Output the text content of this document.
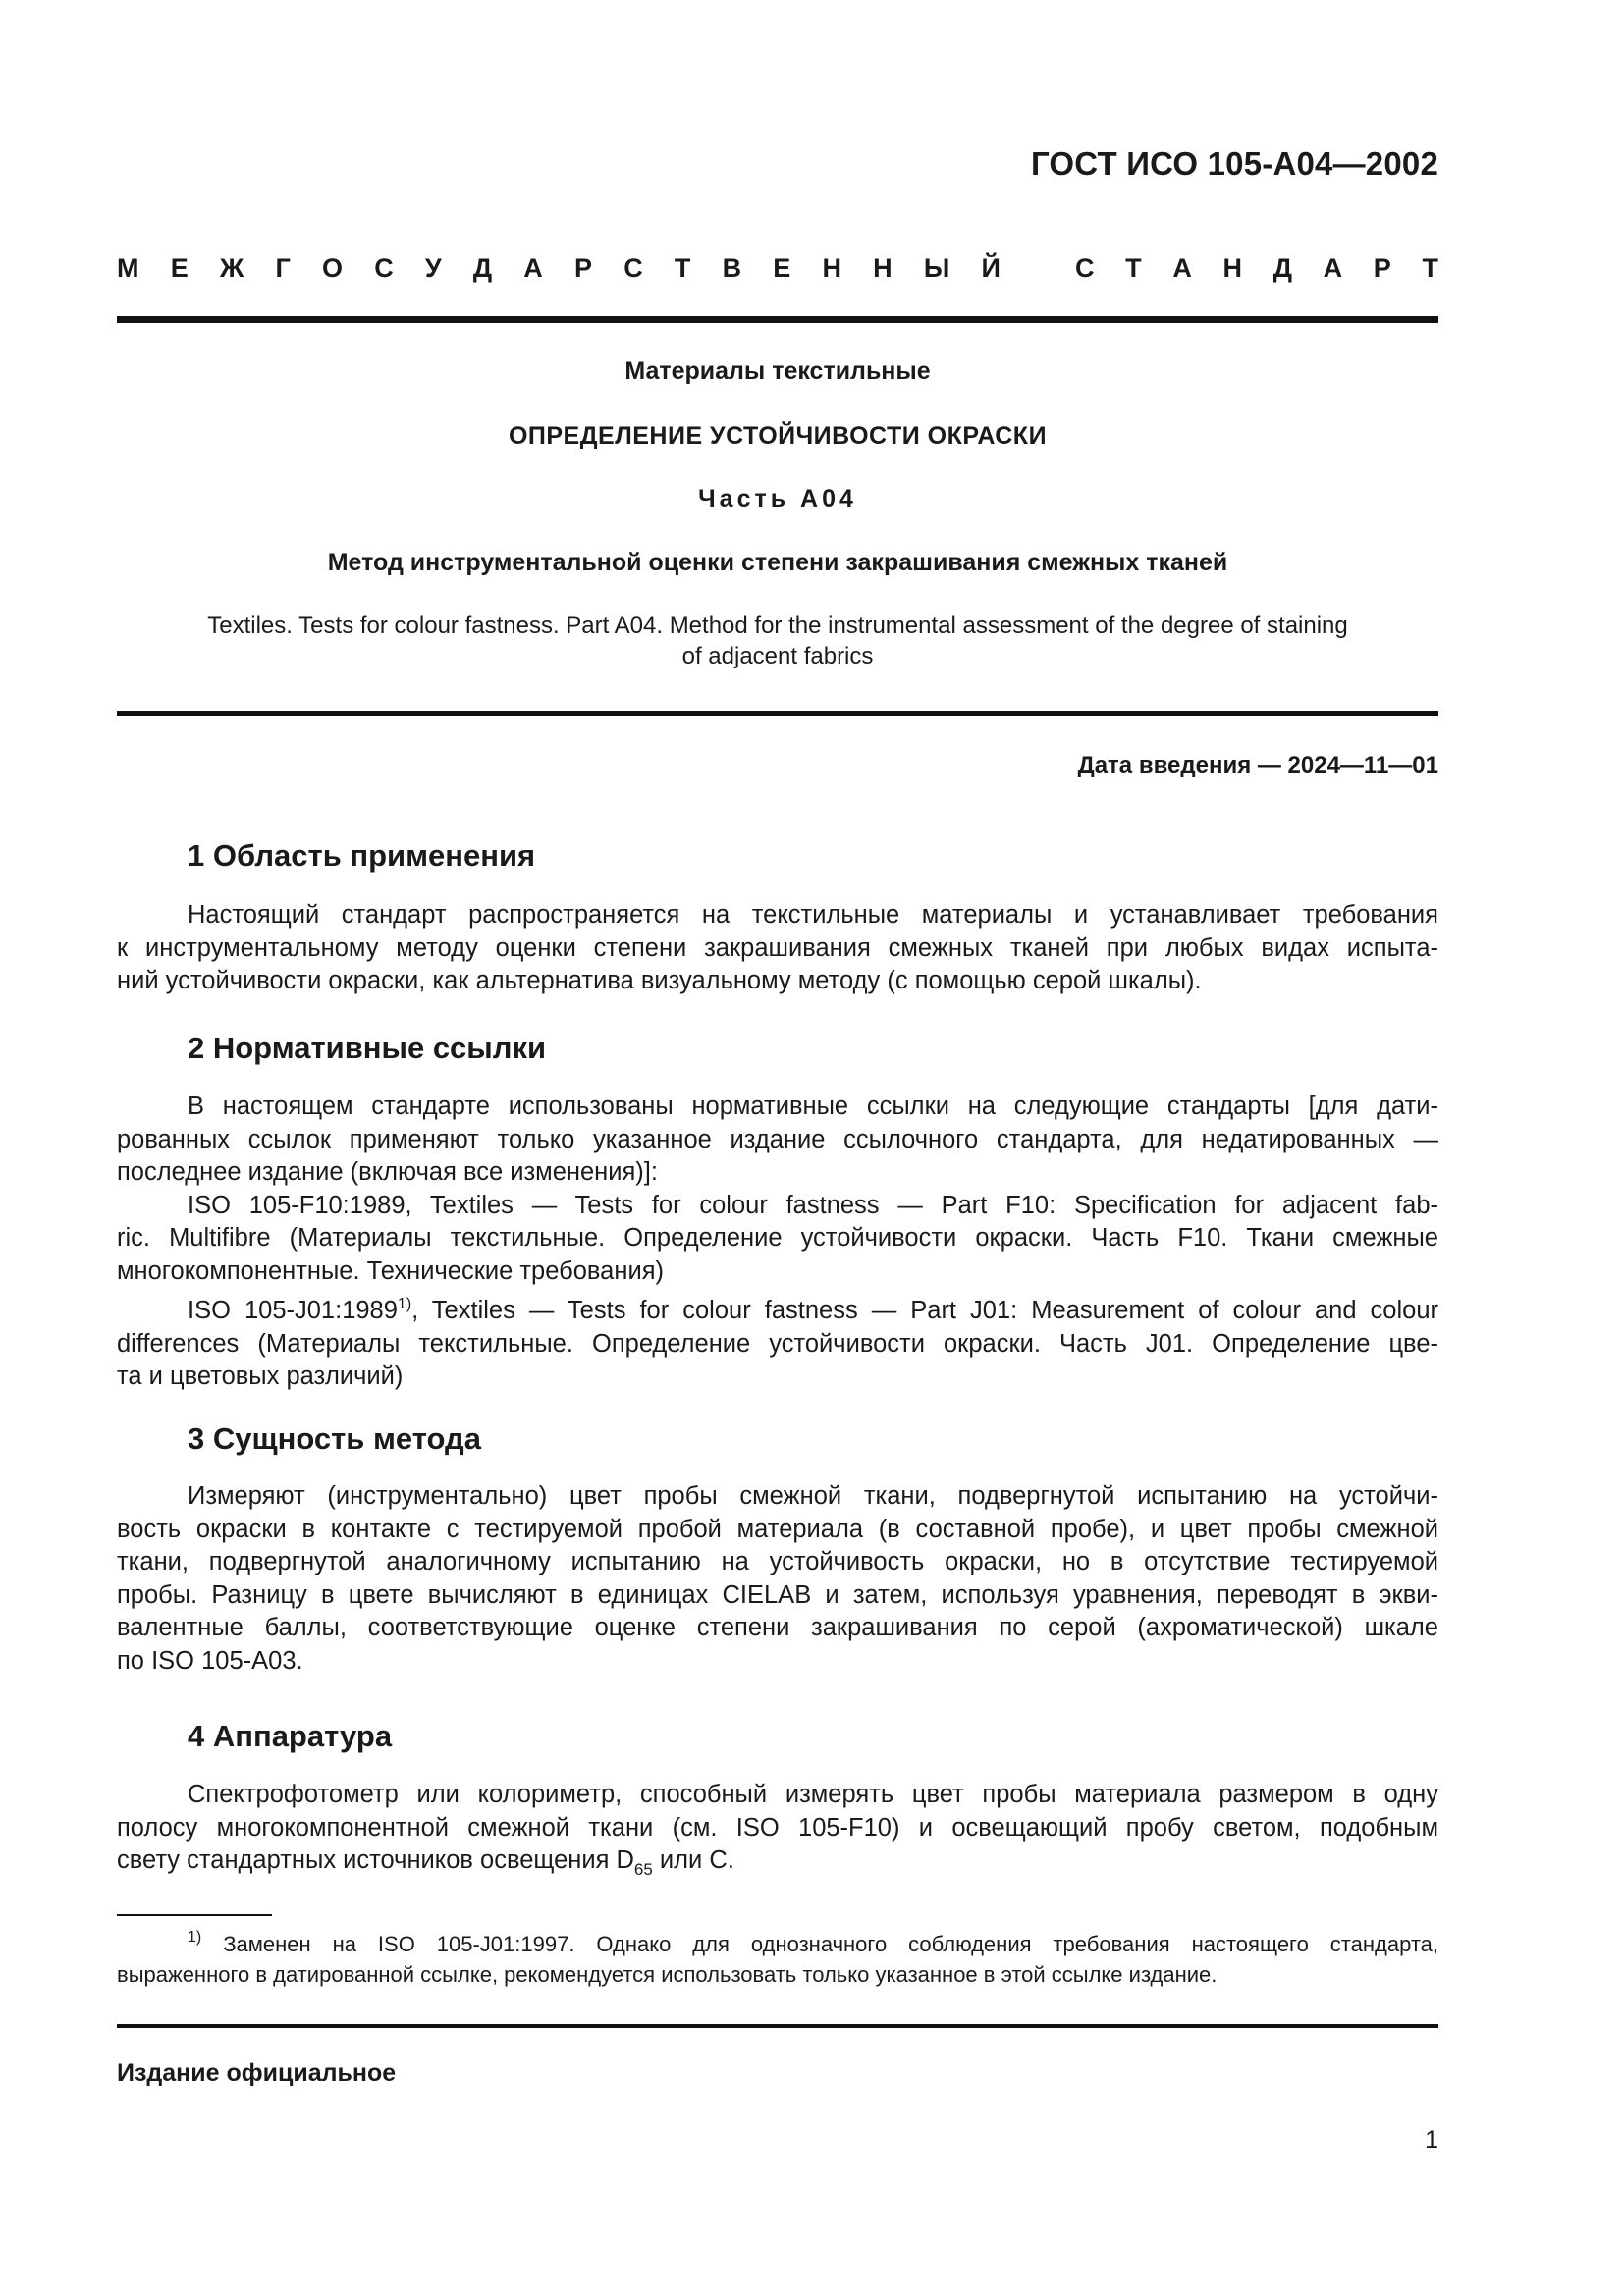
ГОСТ ИСО 105-А04—2002
М Е Ж Г О С У Д А Р С Т В Е Н Н Ы Й	С Т А Н Д А Р Т
Материалы текстильные
ОПРЕДЕЛЕНИЕ УСТОЙЧИВОСТИ ОКРАСКИ
Часть А04
Метод инструментальной оценки степени закрашивания смежных тканей
Textiles. Tests for colour fastness. Part A04. Method for the instrumental assessment of the degree of staining
of adjacent fabrics
Дата введения — 2024—11—01
1 Область применения
Настоящий стандарт распространяется на текстильные материалы и устанавливает требования
к инструментальному методу оценки степени закрашивания смежных тканей при любых видах испыта-
ний устойчивости окраски, как альтернатива визуальному методу (с помощью серой шкалы).
2 Нормативные ссылки
В настоящем стандарте использованы нормативные ссылки на следующие стандарты [для дати-
рованных ссылок применяют только указанное издание ссылочного стандарта, для недатированных —
последнее издание (включая все изменения)]:
ISO 105-F10:1989, Textiles — Tests for colour fastness — Part F10: Specification for adjacent fab-
ric. Multifibre (Материалы текстильные. Определение устойчивости окраски. Часть F10. Ткани смежные
многокомпонентные. Технические требования)
ISO 105-J01:1989$^{1)}$, Textiles — Tests for colour fastness — Part J01: Measurement of colour and colour
differences (Материалы текстильные. Определение устойчивости окраски. Часть J01. Определение цве-
та и цветовых различий)
3 Сущность метода
Измеряют (инструментально) цвет пробы смежной ткани, подвергнутой испытанию на устойчи-
вость окраски в контакте с тестируемой пробой материала (в составной пробе), и цвет пробы смежной
ткани, подвергнутой аналогичному испытанию на устойчивость окраски, но в отсутствие тестируемой
пробы. Разницу в цвете вычисляют в единицах CIELAB и затем, используя уравнения, переводят в экви-
валентные баллы, соответствующие оценке степени закрашивания по серой (ахроматической) шкале
по ISO 105-A03.
4 Аппаратура
Спектрофотометр или колориметр, способный измерять цвет пробы материала размером в одну
полосу многокомпонентной смежной ткани (см. ISO 105-F10) и освещающий пробу светом, подобным
свету стандартных источников освещения $D_{65}$ или С.
$^{1)}$ Заменен на ISO 105-J01:1997. Однако для однозначного соблюдения требования настоящего стандарта,
выраженного в датированной ссылке, рекомендуется использовать только указанное в этой ссылке издание.
Издание официальное
1
